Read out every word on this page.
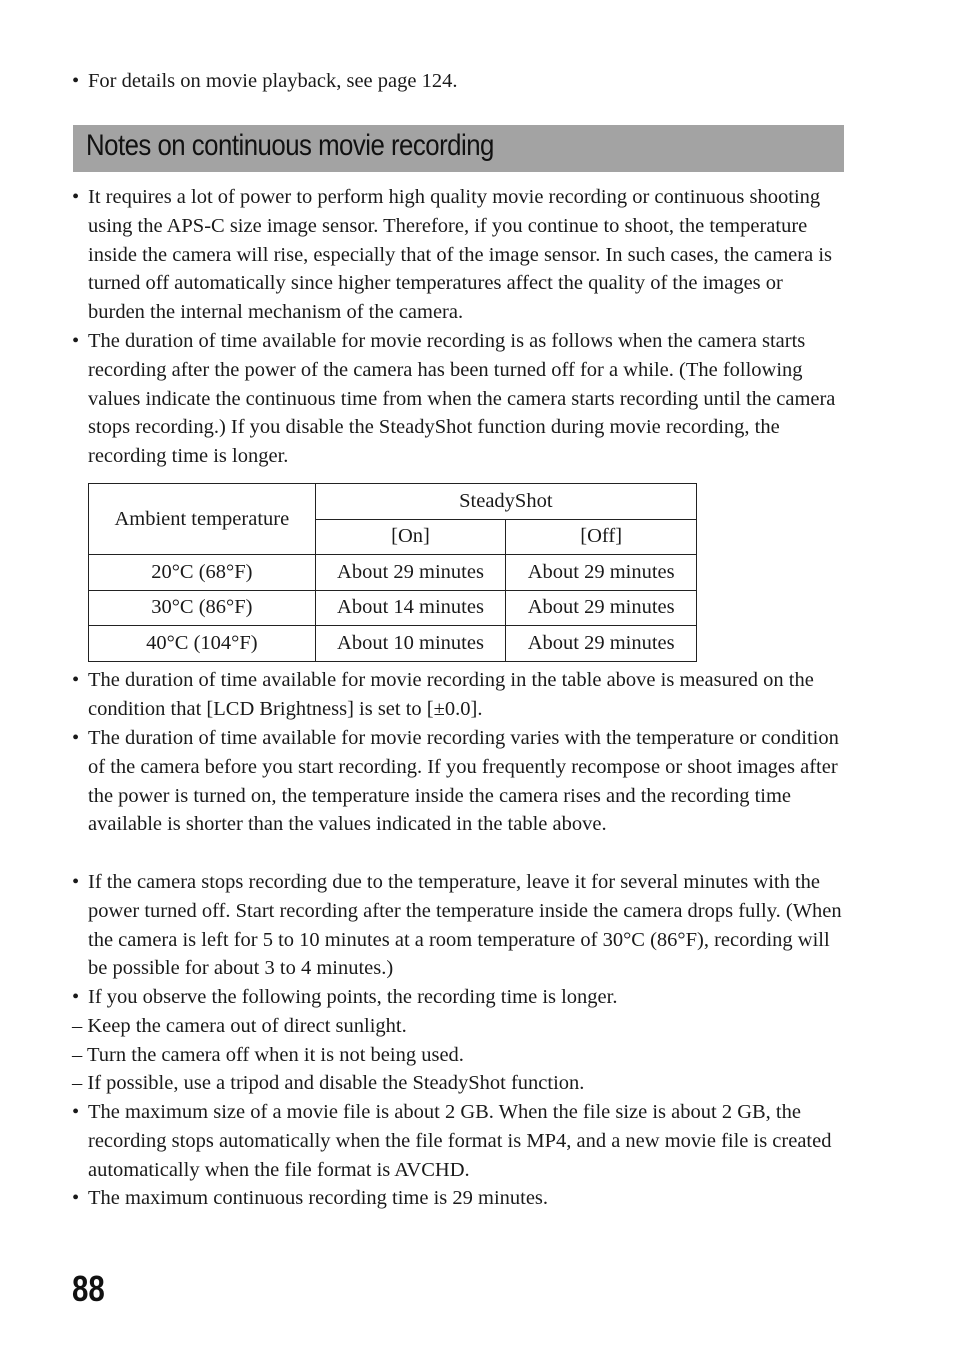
• For details on movie playback, see page 124.
Notes on continuous movie recording
• It requires a lot of power to perform high quality movie recording or continuous shooting using the APS-C size image sensor. Therefore, if you continue to shoot, the temperature inside the camera will rise, especially that of the image sensor. In such cases, the camera is turned off automatically since higher temperatures affect the quality of the images or burden the internal mechanism of the camera.
• The duration of time available for movie recording is as follows when the camera starts recording after the power of the camera has been turned off for a while. (The following values indicate the continuous time from when the camera starts recording until the camera stops recording.) If you disable the SteadyShot function during movie recording, the recording time is longer.
Ambient temperature	SteadyShot	
	[On]	[Off]
20°C (68°F)	About 29 minutes	About 29 minutes
30°C (86°F)	About 14 minutes	About 29 minutes
40°C (104°F)	About 10 minutes	About 29 minutes
• The duration of time available for movie recording in the table above is measured on the condition that [LCD Brightness] is set to [±0.0].
• The duration of time available for movie recording varies with the temperature or condition of the camera before you start recording. If you frequently recompose or shoot images after the power is turned on, the temperature inside the camera rises and the recording time available is shorter than the values indicated in the table above.
• If the camera stops recording due to the temperature, leave it for several minutes with the power turned off. Start recording after the temperature inside the camera drops fully. (When the camera is left for 5 to 10 minutes at a room temperature of 30°C (86°F), recording will be possible for about 3 to 4 minutes.)
• If you observe the following points, the recording time is longer.
– Keep the camera out of direct sunlight.
– Turn the camera off when it is not being used.
– If possible, use a tripod and disable the SteadyShot function.
• The maximum size of a movie file is about 2 GB. When the file size is about 2 GB, the recording stops automatically when the file format is MP4, and a new movie file is created automatically when the file format is AVCHD.
• The maximum continuous recording time is 29 minutes.
88
